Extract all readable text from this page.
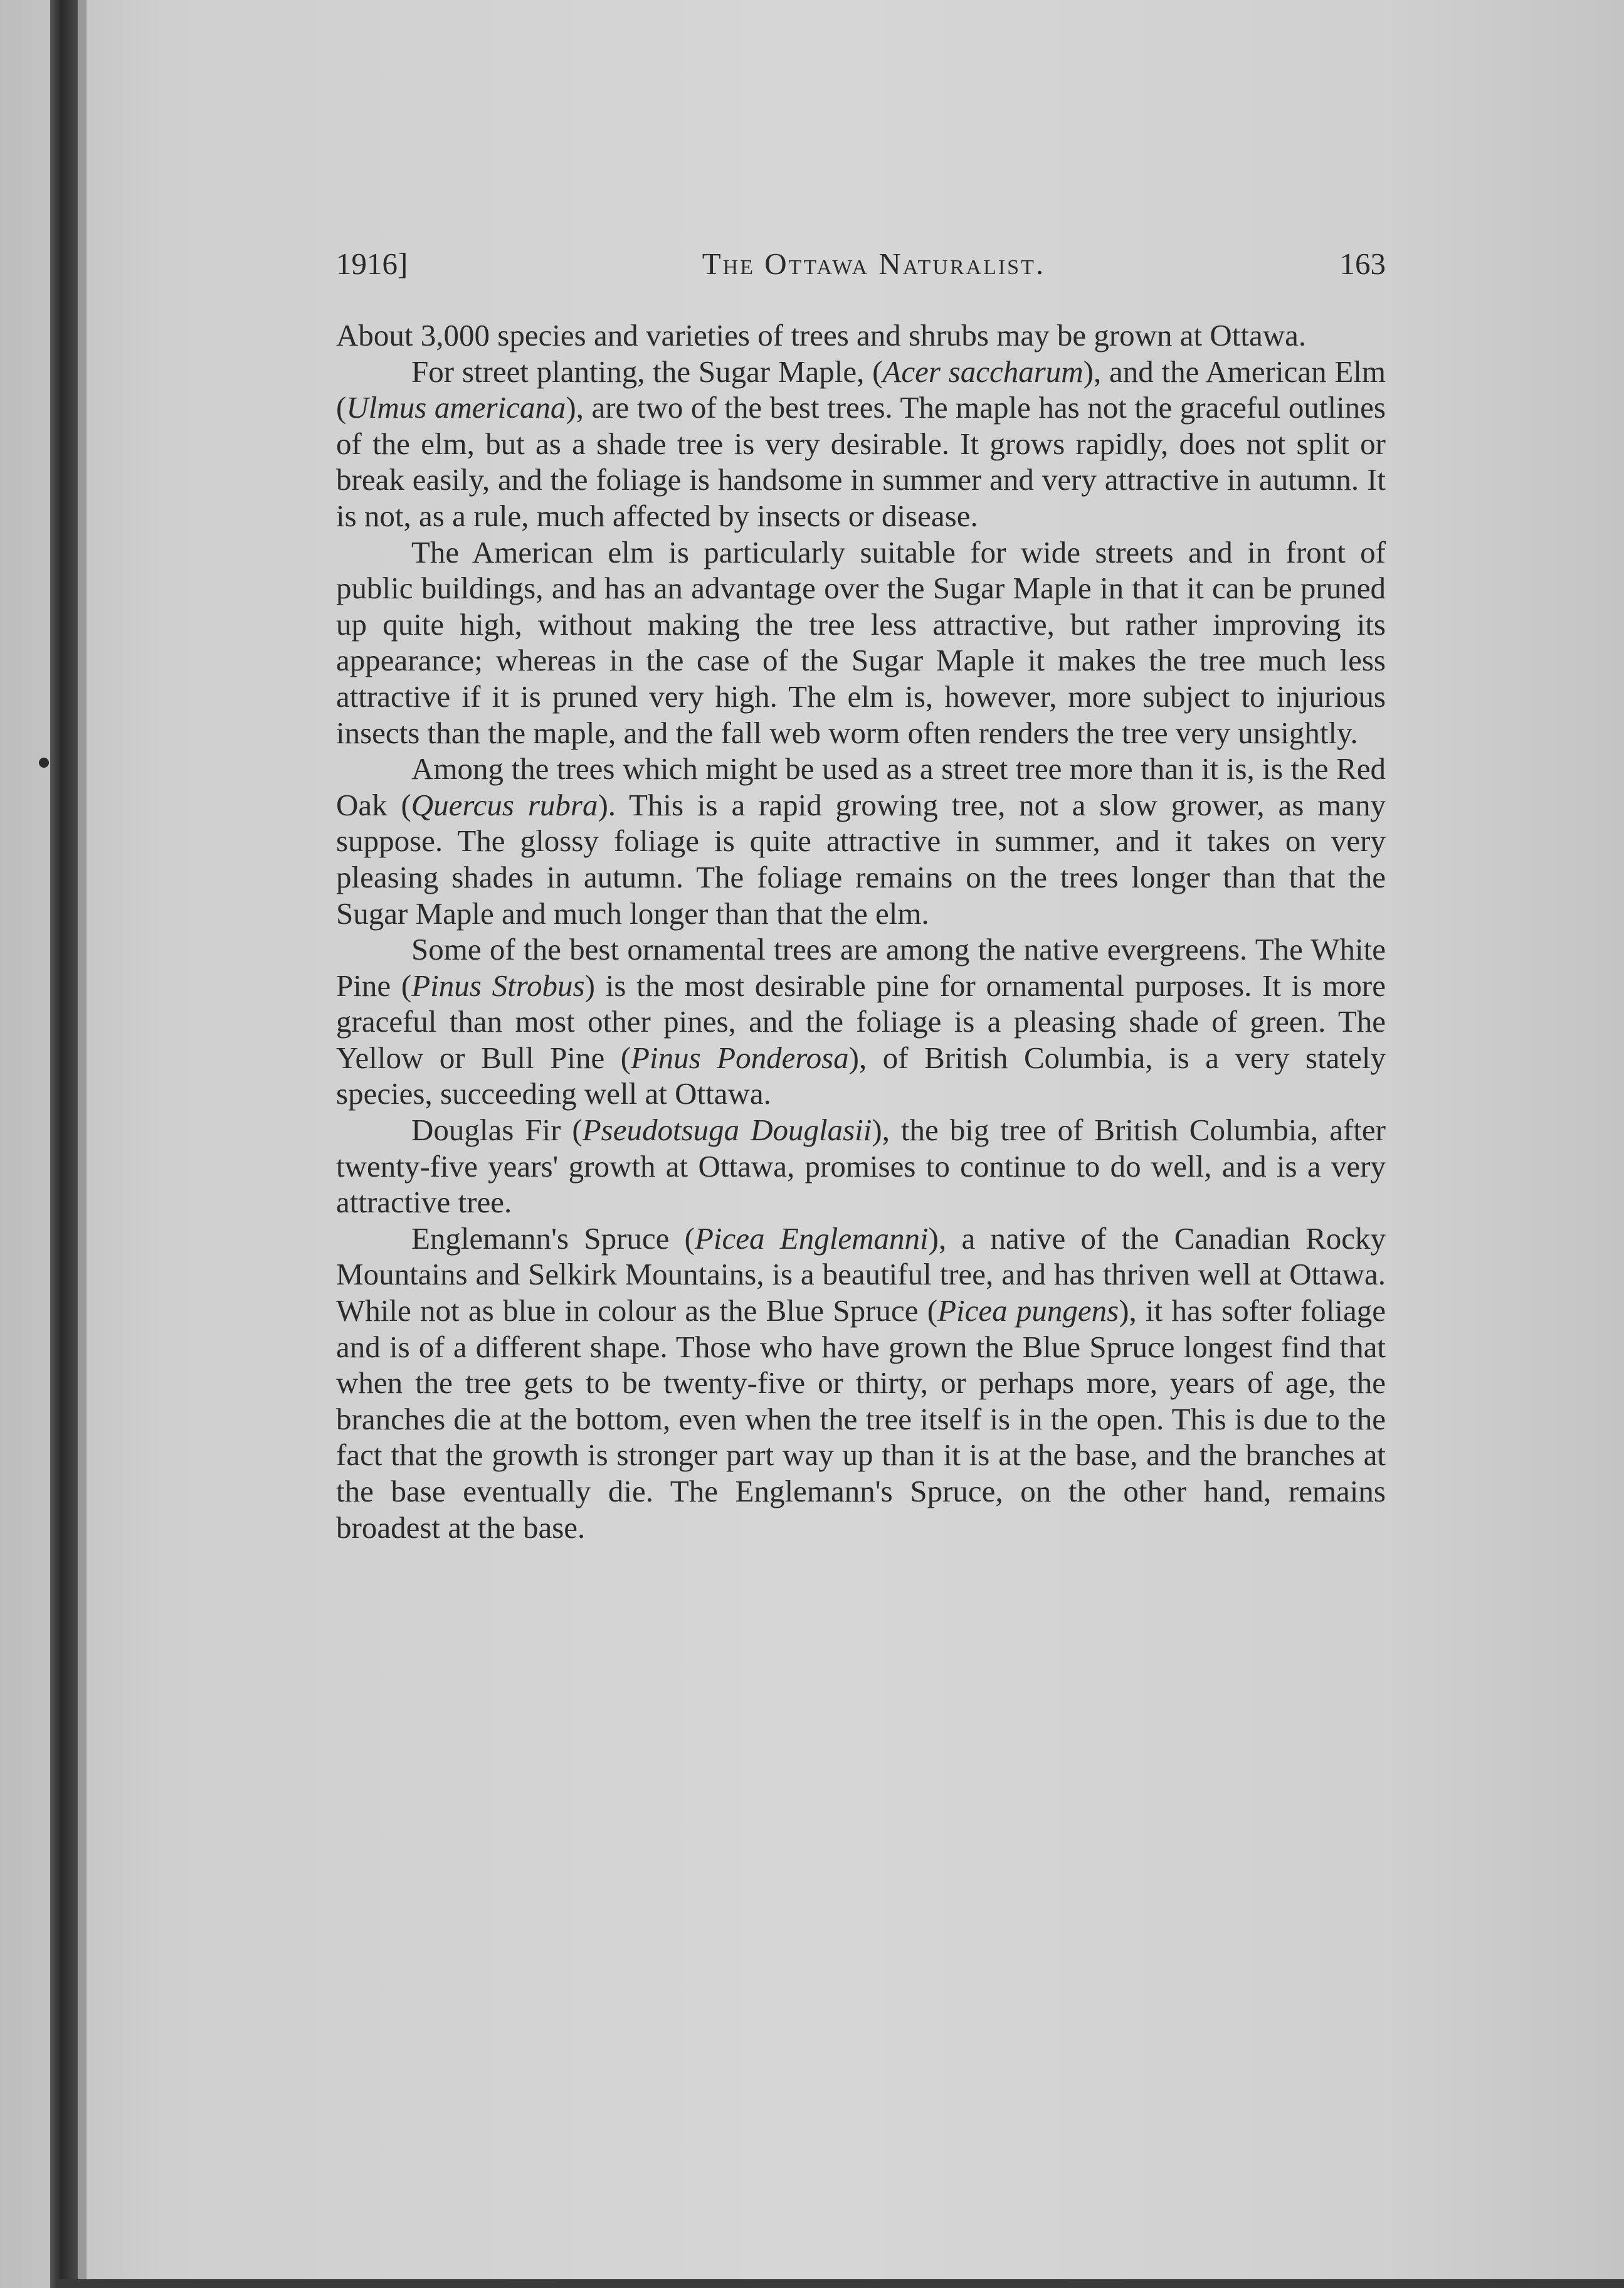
1916]	The Ottawa Naturalist.	163

About 3,000 species and varieties of trees and shrubs may be grown at Ottawa.

For street planting, the Sugar Maple, (Acer saccharum), and the American Elm (Ulmus americana), are two of the best trees. The maple has not the graceful outlines of the elm, but as a shade tree is very desirable. It grows rapidly, does not split or break easily, and the foliage is handsome in summer and very attractive in autumn. It is not, as a rule, much affected by insects or disease.

The American elm is particularly suitable for wide streets and in front of public buildings, and has an advantage over the Sugar Maple in that it can be pruned up quite high, without making the tree less attractive, but rather improving its appearance; whereas in the case of the Sugar Maple it makes the tree much less attractive if it is pruned very high. The elm is, however, more subject to injurious insects than the maple, and the fall web worm often renders the tree very unsightly.

Among the trees which might be used as a street tree more than it is, is the Red Oak (Quercus rubra). This is a rapid growing tree, not a slow grower, as many suppose. The glossy foliage is quite attractive in summer, and it takes on very pleasing shades in autumn. The foliage remains on the trees longer than that the Sugar Maple and much longer than that the elm.

Some of the best ornamental trees are among the native evergreens. The White Pine (Pinus Strobus) is the most desirable pine for ornamental purposes. It is more graceful than most other pines, and the foliage is a pleasing shade of green. The Yellow or Bull Pine (Pinus Ponderosa), of British Columbia, is a very stately species, succeeding well at Ottawa.

Douglas Fir (Pseudotsuga Douglasii), the big tree of British Columbia, after twenty-five years' growth at Ottawa, promises to continue to do well, and is a very attractive tree.

Englemann's Spruce (Picea Englemanni), a native of the Canadian Rocky Mountains and Selkirk Mountains, is a beautiful tree, and has thriven well at Ottawa. While not as blue in colour as the Blue Spruce (Picea pungens), it has softer foliage and is of a different shape. Those who have grown the Blue Spruce longest find that when the tree gets to be twenty-five or thirty, or perhaps more, years of age, the branches die at the bottom, even when the tree itself is in the open. This is due to the fact that the growth is stronger part way up than it is at the base, and the branches at the base eventually die. The Englemann's Spruce, on the other hand, remains broadest at the base.
